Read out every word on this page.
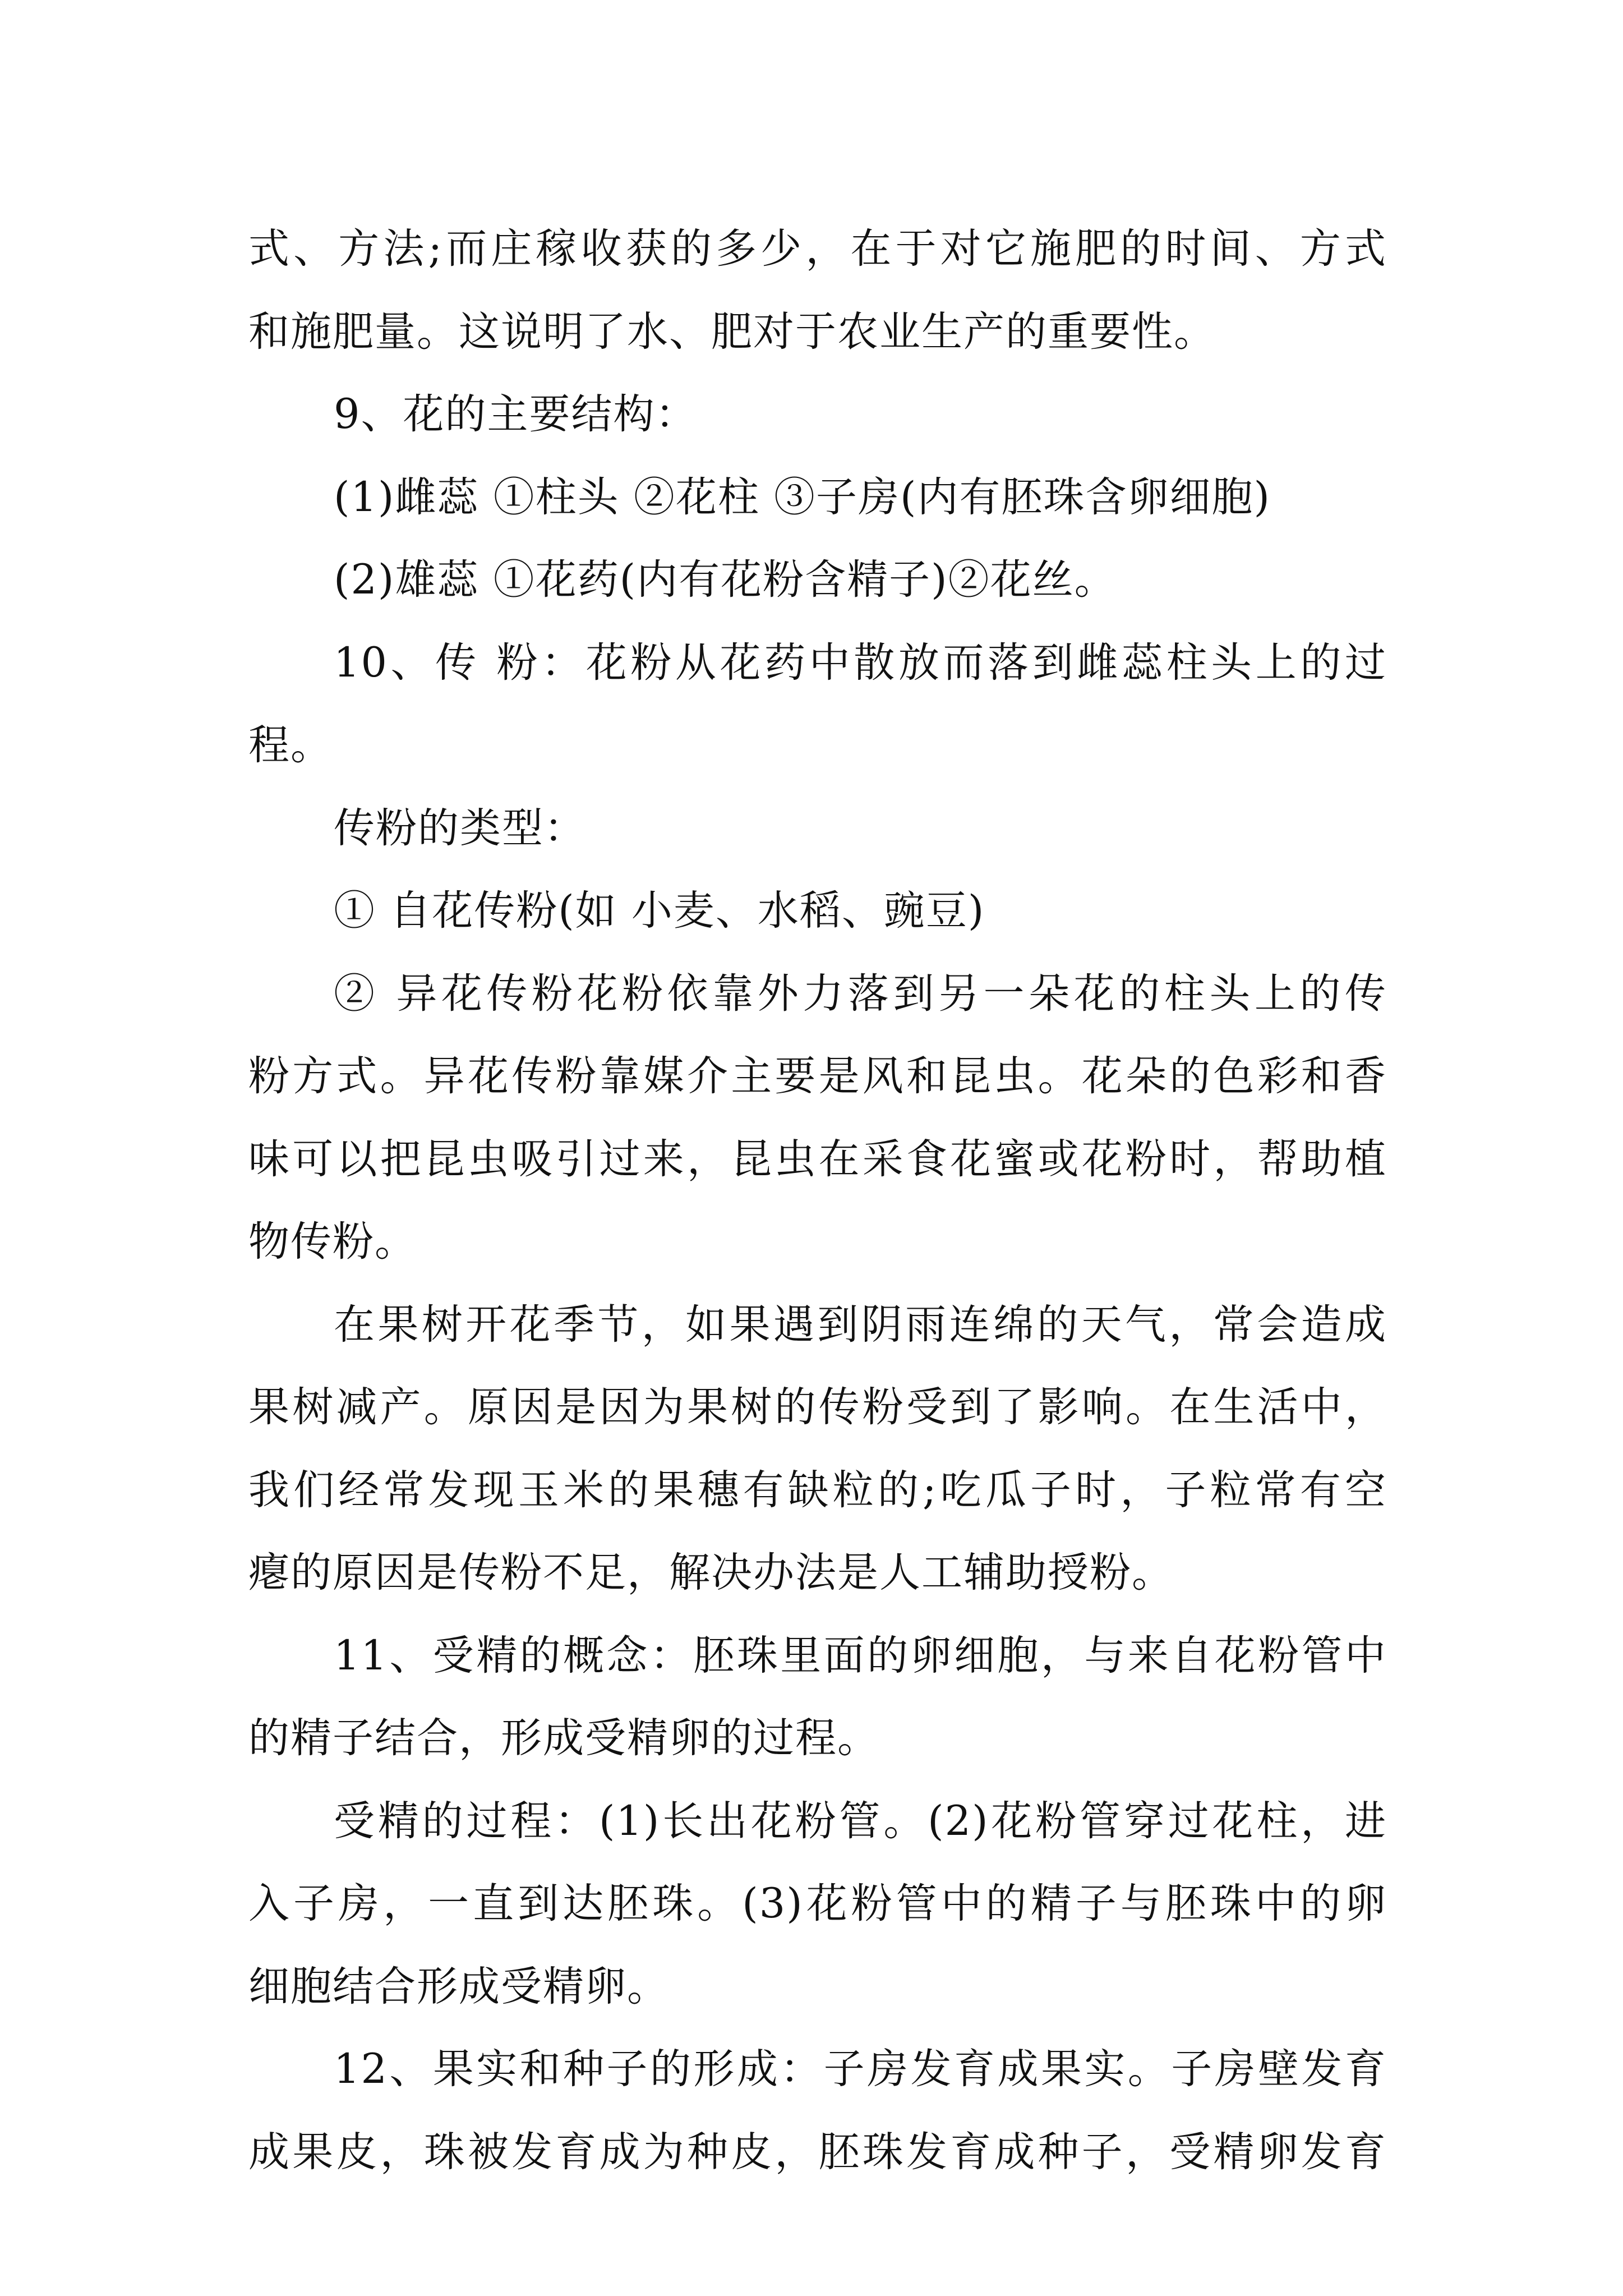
式、方法;而庄稼收获的多少，在于对它施肥的时间、方式
和施肥量。这说明了水、肥对于农业生产的重要性。
9、花的主要结构：
(1)雌蕊 ①柱头 ②花柱 ③子房(内有胚珠含卵细胞)
(2)雄蕊 ①花药(内有花粉含精子)②花丝。
10、传 粉：花粉从花药中散放而落到雌蕊柱头上的过
程。
传粉的类型：
① 自花传粉(如 小麦、水稻、豌豆)
② 异花传粉花粉依靠外力落到另一朵花的柱头上的传
粉方式。异花传粉靠媒介主要是风和昆虫。花朵的色彩和香
味可以把昆虫吸引过来，昆虫在采食花蜜或花粉时，帮助植
物传粉。
在果树开花季节，如果遇到阴雨连绵的天气，常会造成
果树减产。原因是因为果树的传粉受到了影响。在生活中，
我们经常发现玉米的果穗有缺粒的;吃瓜子时，子粒常有空
瘪的原因是传粉不足，解决办法是人工辅助授粉。
11、受精的概念：胚珠里面的卵细胞，与来自花粉管中
的精子结合，形成受精卵的过程。
受精的过程：(1)长出花粉管。(2)花粉管穿过花柱，进
入子房，一直到达胚珠。(3)花粉管中的精子与胚珠中的卵
细胞结合形成受精卵。
12、果实和种子的形成：子房发育成果实。子房壁发育
成果皮，珠被发育成为种皮，胚珠发育成种子，受精卵发育
